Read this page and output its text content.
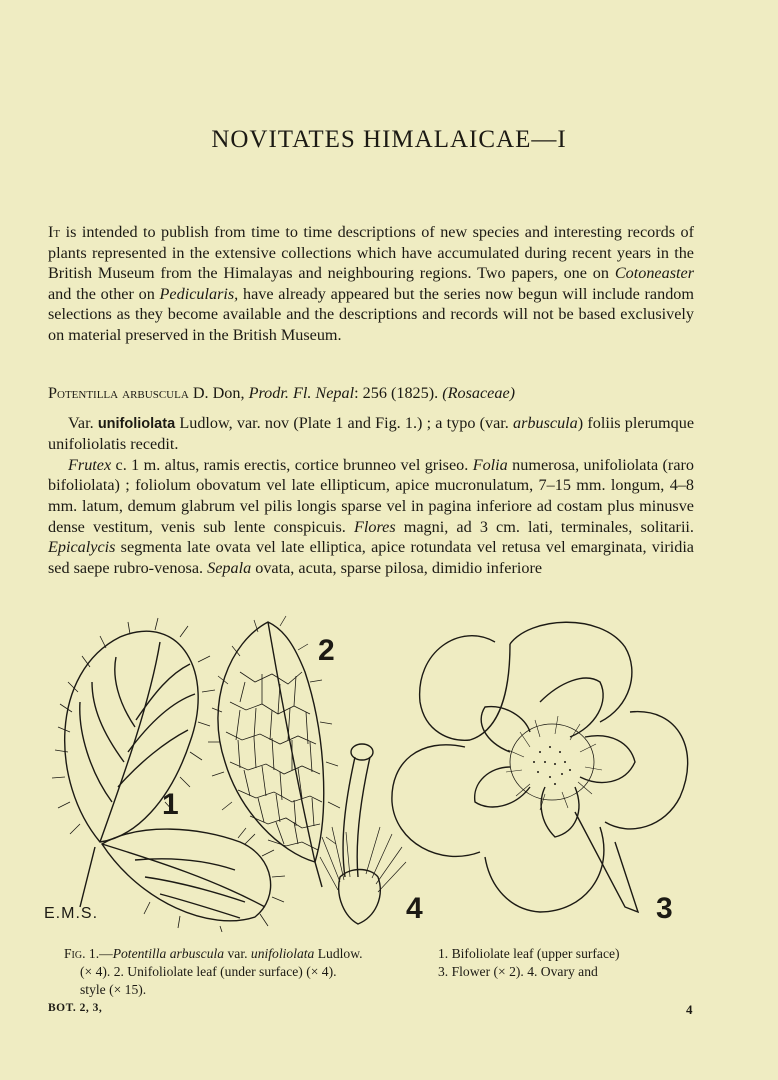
NOVITATES HIMALAICAE—I

It is intended to publish from time to time descriptions of new species and interesting records of plants represented in the extensive collections which have accumulated during recent years in the British Museum from the Himalayas and neighbouring regions. Two papers, one on Cotoneaster and the other on Pedicularis, have already appeared but the series now begun will include random selections as they become available and the descriptions and records will not be based exclusively on material preserved in the British Museum.

Potentilla arbuscula D. Don, Prodr. Fl. Nepal: 256 (1825). (Rosaceae)

Var. unifoliolata Ludlow, var. nov (Plate 1 and Fig. 1.) ; a typo (var. arbuscula) foliis plerumque unifoliolatis recedit.

Frutex c. 1 m. altus, ramis erectis, cortice brunneo vel griseo. Folia numerosa, unifoliolata (raro bifoliolata) ; foliolum obovatum vel late ellipticum, apice mucronulatum, 7–15 mm. longum, 4–8 mm. latum, demum glabrum vel pilis longis sparse vel in pagina inferiore ad costam plus minusve dense vestitum, venis sub lente conspicuis. Flores magni, ad 3 cm. lati, terminales, solitarii. Epicalycis segmenta late ovata vel late elliptica, apice rotundata vel retusa vel emarginata, viridia sed saepe rubro-venosa. Sepala ovata, acuta, sparse pilosa, dimidio inferiore

E.M.S.
1
2
3
4
Fig. 1.—Potentilla arbuscula var. unifoliolata Ludlow.
(× 4). 2. Unifoliolate leaf (under surface) (× 4).
style (× 15).
1. Bifoliolate leaf (upper surface)
3. Flower (× 2). 4. Ovary and
BOT. 2, 3,	4
